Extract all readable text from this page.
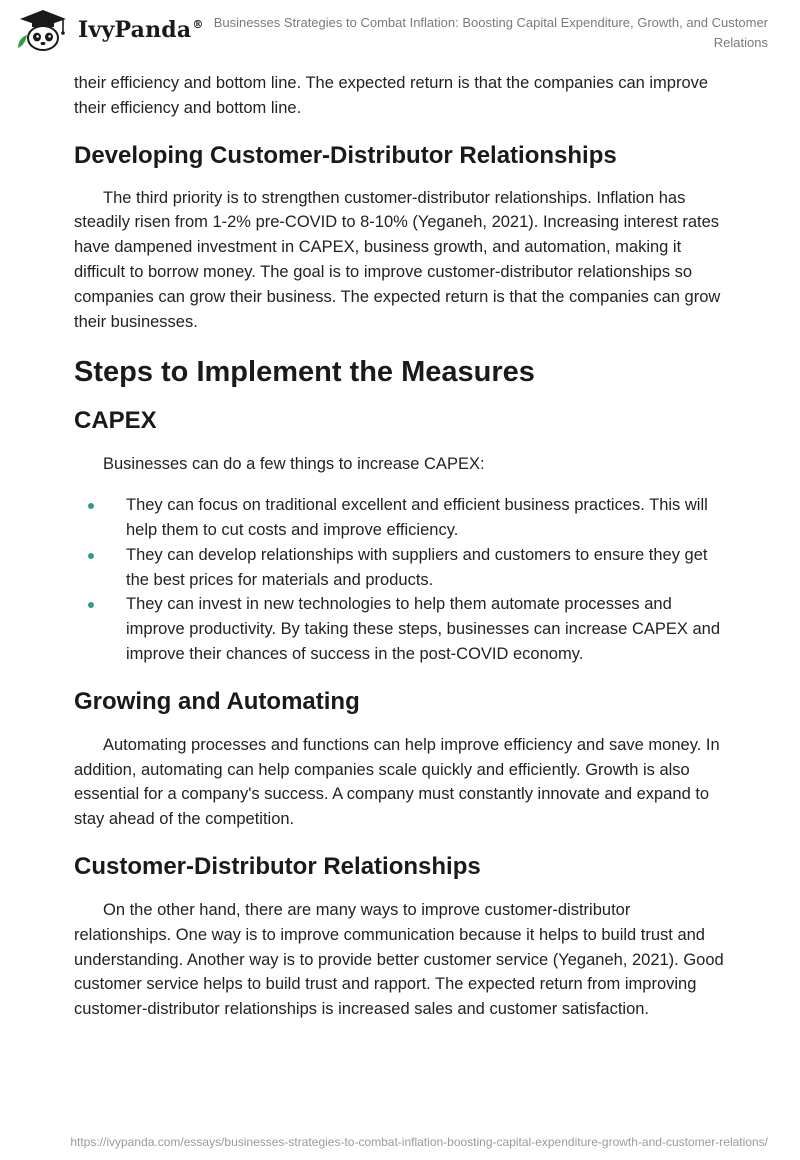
IvyPanda® Businesses Strategies to Combat Inflation: Boosting Capital Expenditure, Growth, and Customer Relations

their efficiency and bottom line. The expected return is that the companies can improve their efficiency and bottom line.

Developing Customer-Distributor Relationships

The third priority is to strengthen customer-distributor relationships. Inflation has steadily risen from 1-2% pre-COVID to 8-10% (Yeganeh, 2021). Increasing interest rates have dampened investment in CAPEX, business growth, and automation, making it difficult to borrow money. The goal is to improve customer-distributor relationships so companies can grow their business. The expected return is that the companies can grow their businesses.

Steps to Implement the Measures
CAPEX

Businesses can do a few things to increase CAPEX:

They can focus on traditional excellent and efficient business practices. This will help them to cut costs and improve efficiency.
They can develop relationships with suppliers and customers to ensure they get the best prices for materials and products.
They can invest in new technologies to help them automate processes and improve productivity. By taking these steps, businesses can increase CAPEX and improve their chances of success in the post-COVID economy.
Growing and Automating

Automating processes and functions can help improve efficiency and save money. In addition, automating can help companies scale quickly and efficiently. Growth is also essential for a company's success. A company must constantly innovate and expand to stay ahead of the competition.

Customer-Distributor Relationships

On the other hand, there are many ways to improve customer-distributor relationships. One way is to improve communication because it helps to build trust and understanding. Another way is to provide better customer service (Yeganeh, 2021). Good customer service helps to build trust and rapport. The expected return from improving customer-distributor relationships is increased sales and customer satisfaction.

https://ivypanda.com/essays/businesses-strategies-to-combat-inflation-boosting-capital-expenditure-growth-and-customer-relations/
